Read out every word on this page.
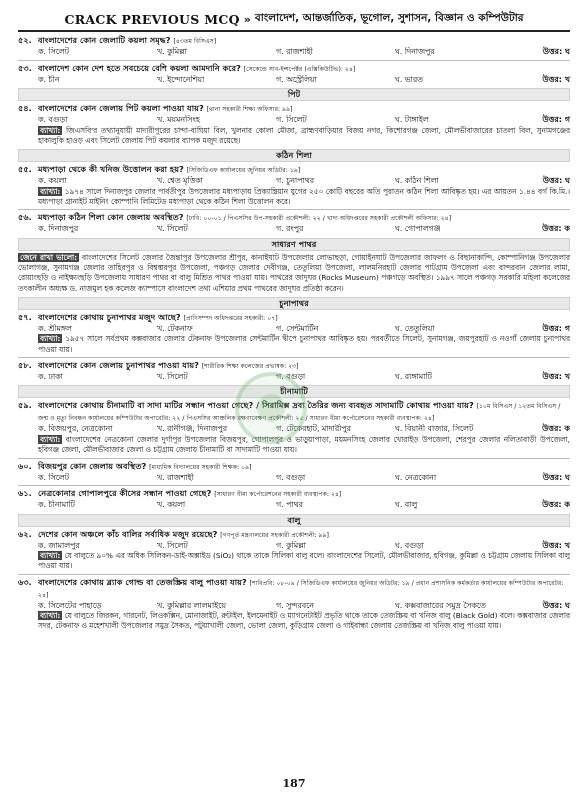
CRACK PREVIOUS MCQ » বাংলাদেশ, আন্তর্জাতিক, ভূগোল, সুশাসন, বিজ্ঞান ও কম্পিউটার
৫২. বাংলাদেশের কোন জেলাটি কয়লা সমৃদ্ধ? [৪৩তম বিসিএস]
ক. সিলেট	খ. কুমিল্লা	গ. রাজশাহী	ঘ. দিনাজপুর	উত্তর: ঘ
৫৩. বাংলাদেশ কোন দেশ হতে সবচেয়ে বেশি কয়লা আমদানি করে? [সেকেন্ডে সাব-ইন্সপেক্টর (এক্সিকিউটিভ): ২৪]
ক. চীন	খ. ইন্দোনেশিয়া	গ. অস্ট্রেলিয়া	ঘ. ভারত	উত্তর: খ
পিট
৫৪. বাংলাদেশের কোন জেলায় পিট কয়লা পাওয়া যায়? [থানা সহকারী শিক্ষা অফিসার: ৯৯]
ক. বগুড়া	খ. ময়মনসিংহ	গ. সিলেট	ঘ. টাঙ্গাইল	উত্তর: গ
ব্যাখ্যা: জিএসবি'র তথ্যানুযায়ী মাদারীপুরের চান্দা-বাঘিয়া বিল, খুলনার কোলা মৌজা, ব্রাহ্মণবাড়িয়ার বিজয় নগর, কিশোরগঞ্জ জেলা, মৌলভীবাজারের চাতলা বিল, সুনামগঞ্জের হাকালুকি হাওড় এবং সিলেট জেলায় পিট কয়লার ব্যাপক মজুদ রয়েছে।
কঠিন শিলা
৫৫. মধ্যপাড়া থেকে কী খনিজ উত্তোলন করা হয়? [সিজিডিএফ কার্যালয়ের জুনিয়র অডিটর: ১৯]
ক. কয়লা	খ. শ্বেত মৃত্তিকা	গ. চুনাপাথর	ঘ. কঠিন শিলা	উত্তর: ঘ
ব্যাখ্যা: ১৯৭৪ সালে দিনাজপুর জেলার পার্বতীপুর উপজেলার মধ্যপাড়ায় প্রিক্যাম্ব্রিয়ান যুগের ২৫০ কোটি বছরের অতি পুরাতন কঠিন শিলা আবিষ্কৃত হয়। এর আয়তন ১.৪৪ বর্গ কি.মি.। মধ্যপাড়া গ্রানাইট মাইনিং কোম্পানি লিমিটেড মধ্যপাড়া থেকে কঠিন শিলা উত্তোলন করে।
৫৬. মধ্যপাড়া কঠিন শিলা কোন জেলায় অবস্থিত? [ঢাবি: ০০-০১ / পিএসসির উপ-সহকারী প্রকৌশলী: ২২ / খাদ্য অধিদপ্তরের সহকারী প্রকৌশলী অফিসার: ২৪]
ক. দিনাজপুর	খ. সিলেট	গ. রংপুর	ঘ. গোপালগঞ্জ	উত্তর: ক
সাধারণ পাথর
জেনে রাখা ভালো: বাংলাদেশের সিলেট জেলার জৈন্তাপুর উপজেলার শ্রীপুর, কানাইঘাট উপজেলার লোভাছড়া, গোয়াইনঘাট উপজেলার জাফলং ও বিছানাকান্দি, কোম্পানিগঞ্জ উপজেলার ভোলাগঞ্জ, সুনামগঞ্জ জেলার তাহিরপুর ও বিশ্বম্ভরপুর উপজেলা, পঞ্চগড় জেলার দেবীগঞ্জ, তেতুলিয়া উপজেলা, লালমনিরহাট জেলার পাটগ্রাম উপজেলা এবং বান্দরবান জেলার লামা, রোয়াংছড়ি ও নাইক্ষ্যংছড়ি উপজেলায় সাধারণ পাথর বা বালু মিশ্রিত পাথর পাওয়া যায়। পাথরের জাদুঘর (Rocks Museum) পঞ্চগড়ে অবস্থিত। ১৯৯৭ সালে পঞ্চগড় সরকারি মহিলা কলেজের তৎকালীন অধ্যক্ষ ড. নাজমুল হক কলেজ ক্যাম্পাসে বাংলাদেশ তথা এশিয়ার প্রথম পাথরের জাদুঘর প্রতিষ্ঠা করেন।
চুনাপাথর
৫৭. বাংলাদেশের কোথায় চুনাপাথর মজুদ আছে? [প্রাণিসম্পদ অধিদপ্তরের সহকারী: ০৭]
ক. শ্রীমঙ্গল	খ. টেকনাফ	গ. সেন্টমার্টিন	ঘ. তেতুলিয়া	উত্তর: গ
ব্যাখ্যা: ১৯৫৭ সালে সর্বপ্রথম কক্সবাজার জেলার টেকনাফ উপজেলার সেন্টমার্টিন দ্বীপে চুনাপাথর আবিষ্কৃত হয়। পরবর্তীতে সিলেট, সুনামগঞ্জ, জয়পুরহাট ও নওগাঁ জেলায় চুনাপাথর পাওয়া যায়।
৫৮. বাংলাদেশের কোন জেলায় চুনাপাথর পাওয়া যায়? [শারীরিক শিক্ষা কলেজের প্রভাষক: ২৩]
ক. ঢাকা	খ. সিলেট	গ. বগুড়া	ঘ. রাঙ্গামাটি	উত্তর: খ
চীনামাটি
৫৯. বাংলাদেশের কোথায় চীনামাটি বা সাদা মাটির সন্ধান পাওয়া গেছে? / সিরামিক্স দ্রব্য তৈরির জন্য ব্যবহৃত সাদামাটি কোথায় পাওয়া যায়? [১০ম বিসিএস / ১২তম বিসিএস / জন্ম ও মৃত্যু নিবন্ধন কার্যালয়ের কম্পিউটার অপারেটর: ২২ / পিএসসির আঞ্চলিক রক্ষণাবেক্ষণ প্রকৌশলী: ২৫ / সাধারণ বীমা কর্পোরেশনের সহকারী ব্যবস্থাপক: ২৪]
ক. বিজয়পুর, নেত্রকোনা	খ. রানীগঞ্জ, দিনাজপুর	গ. টেকেরহাট, মাদারীপুর	ঘ. বিয়ানী বাজার, সিলেট	উত্তর: ক
ব্যাখ্যা: বাংলাদেশের নেত্রকোনা জেলার দুর্গাপুর উপজেলার বিজয়পুর, গোপালপুর ও ভাড়ুয়াপাড়া, ময়মনসিংহ জেলার খোরাইড় উপজেলা, শেরপুর জেলার নলিতাবাড়ী উপজেলা, হবিগঞ্জ জেলা, মৌলভীবাজার জেলা ও চট্টগ্রাম জেলায় চীনামাটি বা সাদামাটি পাওয়া যায়।
৬০. বিজয়পুর কোন জেলায় অবস্থিত? [মাধ্যমিক বিদ্যালয়ের সহকারী শিক্ষক: ০৯]
ক. সিলেট	খ. রাজশাহী	গ. বগুড়া	ঘ. নেত্রকোনা	উত্তর: ঘ
৬১. নেত্রকোনার গোপালপুরে কীসের সন্ধান পাওয়া গেছে? [সাধারণ বীমা কর্পোরেশনের সহকারী ব্যবস্থাপক: ২৪]
ক. চীনামাটি	খ. কয়লা	গ. পাথর	ঘ. বালু	উত্তর: ক
বালু
৬২. দেশের কোন অঞ্চলে কাঁচ বালির সর্বাধিক মজুদ রয়েছে? [গণপূর্ত মন্ত্রণালয়ের সহকারী প্রকৌশলী: ৯৯]
ক. জামালপুর	খ. সিলেট	গ. কুমিল্লা	ঘ. বগুড়া	উত্তর: খ
ব্যাখ্যা: যে বালুতে ৯০% এর অধিক সিলিকন-ডাই-অক্সাইড (SiO₂) থাকে তাকে সিলিকা বালু বলে। বাংলাদেশের সিলেট, মৌলভীবাজার, হবিগঞ্জ, কুমিল্লা ও চট্টগ্রাম জেলায় সিলিকা বালু পাওয়া যায়।
৬৩. বাংলাদেশের কোথায় ব্ল্যাক গোল্ড বা তেজস্ক্রিয় বালু পাওয়া যায়? [শাবিপ্রবি: ০৮-০৯ / সিজিডিএফ কার্যালয়ের জুনিয়র অডিটর: ১৯ / প্রধান প্রশাসনিক কর্মকর্তার কার্যালয়ের কম্পিউটার অপারেটর: ২৪]
ক. সিলেটের পাহাড়ে	খ. কুমিল্লার লালমাইয়ে	গ. সুন্দরবনে	ঘ. কক্সবাজারের সমুদ্র সৈকতে	উত্তর: ঘ
ব্যাখ্যা: যে বালুতে জিরকন, গারনেট, লিওকক্সিন, মোনাজাইট, রুটাইল, ইলমেনাইট ও ম্যাগনেটাইট প্রভৃতি থাকে তাকে তেজস্ক্রিয় বা খনিজ বালু (Black Gold) বলে। কক্সবাজার জেলার সদর, টেকনাফ ও মহেশখালী উপজেলার সমুদ্র সৈকত, পটুয়াখালী জেলা, ভোলা জেলা, কুড়িগ্রাম জেলা ও গাইবান্ধা জেলায় তেজস্ক্রিয় বা খনিজ বালু পাওয়া যায়।
187
